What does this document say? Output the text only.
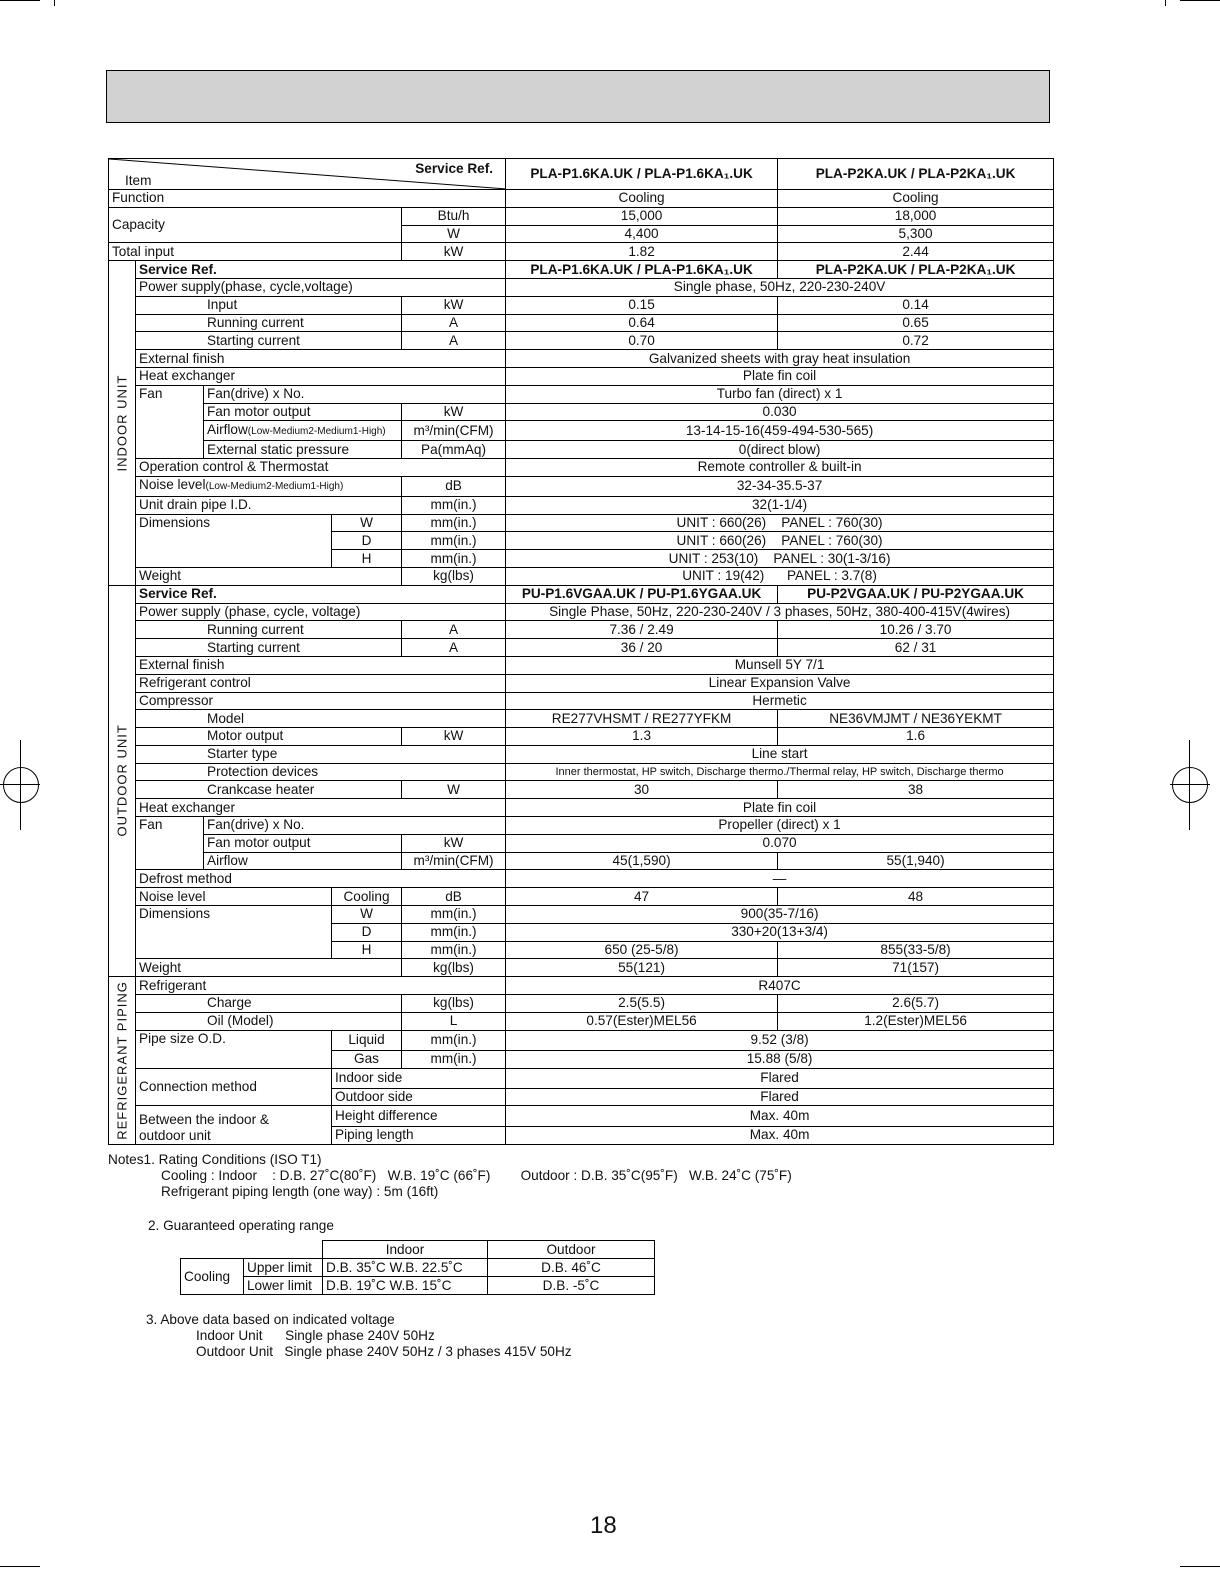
Service Ref.
Item					PLA-P1.6KA.UK / PLA-P1.6KA₁.UK	PLA-P2KA.UK / PLA-P2KA₁.UK
Function					Cooling	Cooling
Capacity				Btu/h	15,000	18,000
				W	4,400	5,300
Total input				kW	1.82	2.44
INDOOR UNIT	Service Ref.				PLA-P1.6KA.UK / PLA-P1.6KA₁.UK	PLA-P2KA.UK / PLA-P2KA₁.UK
	Power supply(phase, cycle,voltage)				Single phase, 50Hz, 220-230-240V	
	Input			kW	0.15	0.14
	Running current			A	0.64	0.65
	Starting current			A	0.70	0.72
	External finish				Galvanized sheets with gray heat insulation	
	Heat exchanger				Plate fin coil	
	Fan	Fan(drive) x No.			Turbo fan (direct) x 1	
		Fan motor output		kW	0.030	
		Airflow(Low-Medium2-Medium1-High)		m³/min(CFM)	13-14-15-16(459-494-530-565)	
		External static pressure		Pa(mmAq)	0(direct blow)	
	Operation control & Thermostat				Remote controller & built-in	
	Noise level(Low-Medium2-Medium1-High)			dB	32-34-35.5-37	
	Unit drain pipe I.D.			mm(in.)	32(1-1/4)	
	Dimensions		W	mm(in.)	UNIT : 660(26)    PANEL : 760(30)	
			D	mm(in.)	UNIT : 660(26)    PANEL : 760(30)	
			H	mm(in.)	UNIT : 253(10)    PANEL : 30(1-3/16)	
	Weight			kg(lbs)	UNIT : 19(42)      PANEL : 3.7(8)	
OUTDOOR UNIT	Service Ref.				PU-P1.6VGAA.UK / PU-P1.6YGAA.UK	PU-P2VGAA.UK / PU-P2YGAA.UK
	Power supply (phase, cycle, voltage)				Single Phase, 50Hz, 220-230-240V / 3 phases, 50Hz, 380-400-415V(4wires)	
	Running current			A	7.36 / 2.49	10.26 / 3.70
	Starting current			A	36 / 20	62 / 31
	External finish				Munsell 5Y 7/1	
	Refrigerant control				Linear Expansion Valve	
	Compressor				Hermetic	
	Model				RE277VHSMT / RE277YFKM	NE36VMJMT / NE36YEKMT
	Motor output			kW	1.3	1.6
	Starter type				Line start	
	Protection devices				Inner thermostat, HP switch, Discharge thermo./Thermal relay, HP switch, Discharge thermo	
	Crankcase heater			W	30	38
	Heat exchanger				Plate fin coil	
	Fan	Fan(drive) x No.			Propeller (direct) x 1	
		Fan motor output		kW	0.070	
		Airflow		m³/min(CFM)	45(1,590)	55(1,940)
	Defrost method				—	
	Noise level		Cooling	dB	47	48
	Dimensions		W	mm(in.)	900(35-7/16)	
			D	mm(in.)	330+20(13+3/4)	
			H	mm(in.)	650 (25-5/8)	855(33-5/8)
	Weight			kg(lbs)	55(121)	71(157)
REFRIGERANT PIPING	Refrigerant				R407C	
	Charge			kg(lbs)	2.5(5.5)	2.6(5.7)
	Oil (Model)			L	0.57(Ester)MEL56	1.2(Ester)MEL56
	Pipe size O.D.		Liquid	mm(in.)	9.52 (3/8)	
			Gas	mm(in.)	15.88 (5/8)	
	Connection method		Indoor side		Flared	
			Outdoor side		Flared	

	Between the indoor &
outdoor unit		Height difference		Max. 40m	
			Piping length		Max. 40m	
Notes1. Rating Conditions (ISO T1)
Cooling : Indoor    : D.B. 27˚C(80˚F)   W.B. 19˚C (66˚F)        Outdoor : D.B. 35˚C(95˚F)   W.B. 24˚C (75˚F)
Refrigerant piping length (one way) : 5m (16ft)
2. Guaranteed operating range
3. Above data based on indicated voltage
Indoor Unit      Single phase 240V 50Hz
Outdoor Unit   Single phase 240V 50Hz / 3 phases 415V 50Hz
		Indoor	Outdoor
Cooling	Upper limit	D.B. 35˚C W.B. 22.5˚C	D.B. 46˚C
	Lower limit	D.B. 19˚C W.B. 15˚C	D.B. -5˚C
18
